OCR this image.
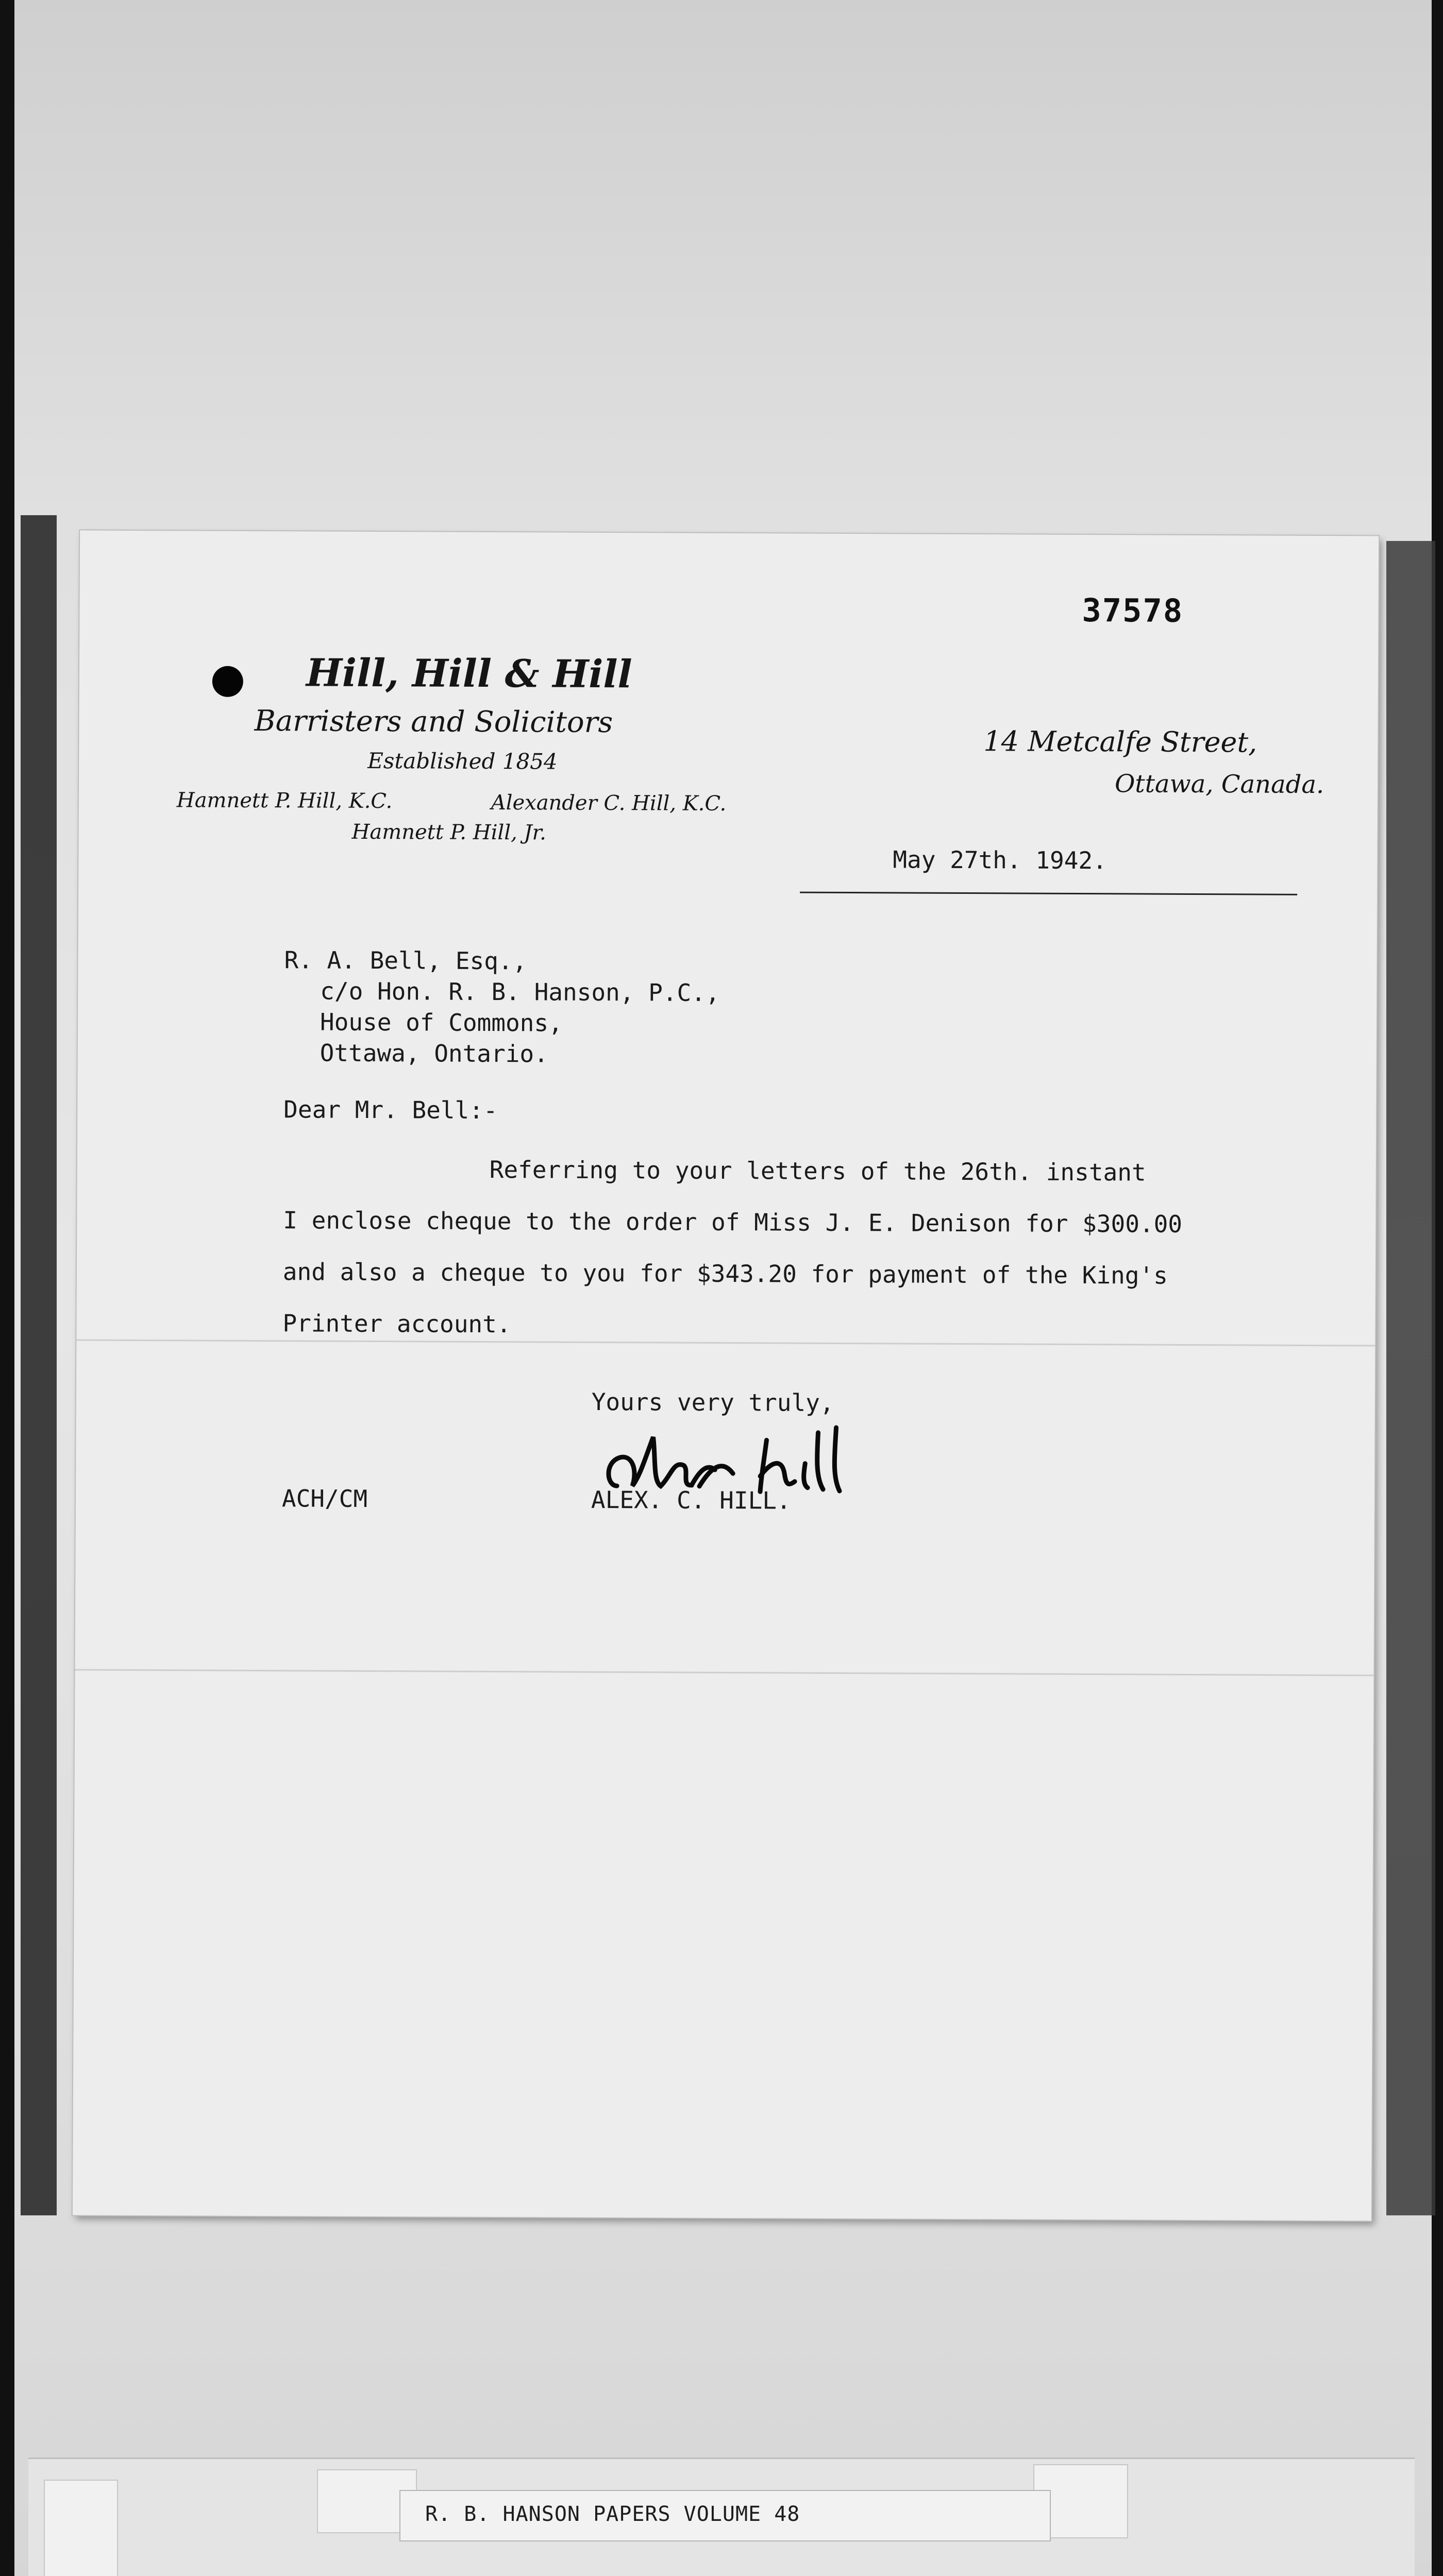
37578
Hill, Hill & Hill
Barristers and Solicitors
Established 1854
Hamnett P. Hill, K.C.	Alexander C. Hill, K.C.
Hamnett P. Hill, Jr.
14 Metcalfe Street,
Ottawa, Canada.
May 27th. 1942.
R. A. Bell, Esq.,
c/o Hon. R. B. Hanson, P.C.,
House of Commons,
Ottawa, Ontario.
Dear Mr. Bell:-
Referring to your letters of the 26th. instant
I enclose cheque to the order of Miss J. E. Denison for $300.00
and also a cheque to you for $343.20 for payment of the King's
Printer account.
Yours very truly,
ACH/CM	ALEX. C. HILL.
R. B. HANSON PAPERS VOLUME 48
